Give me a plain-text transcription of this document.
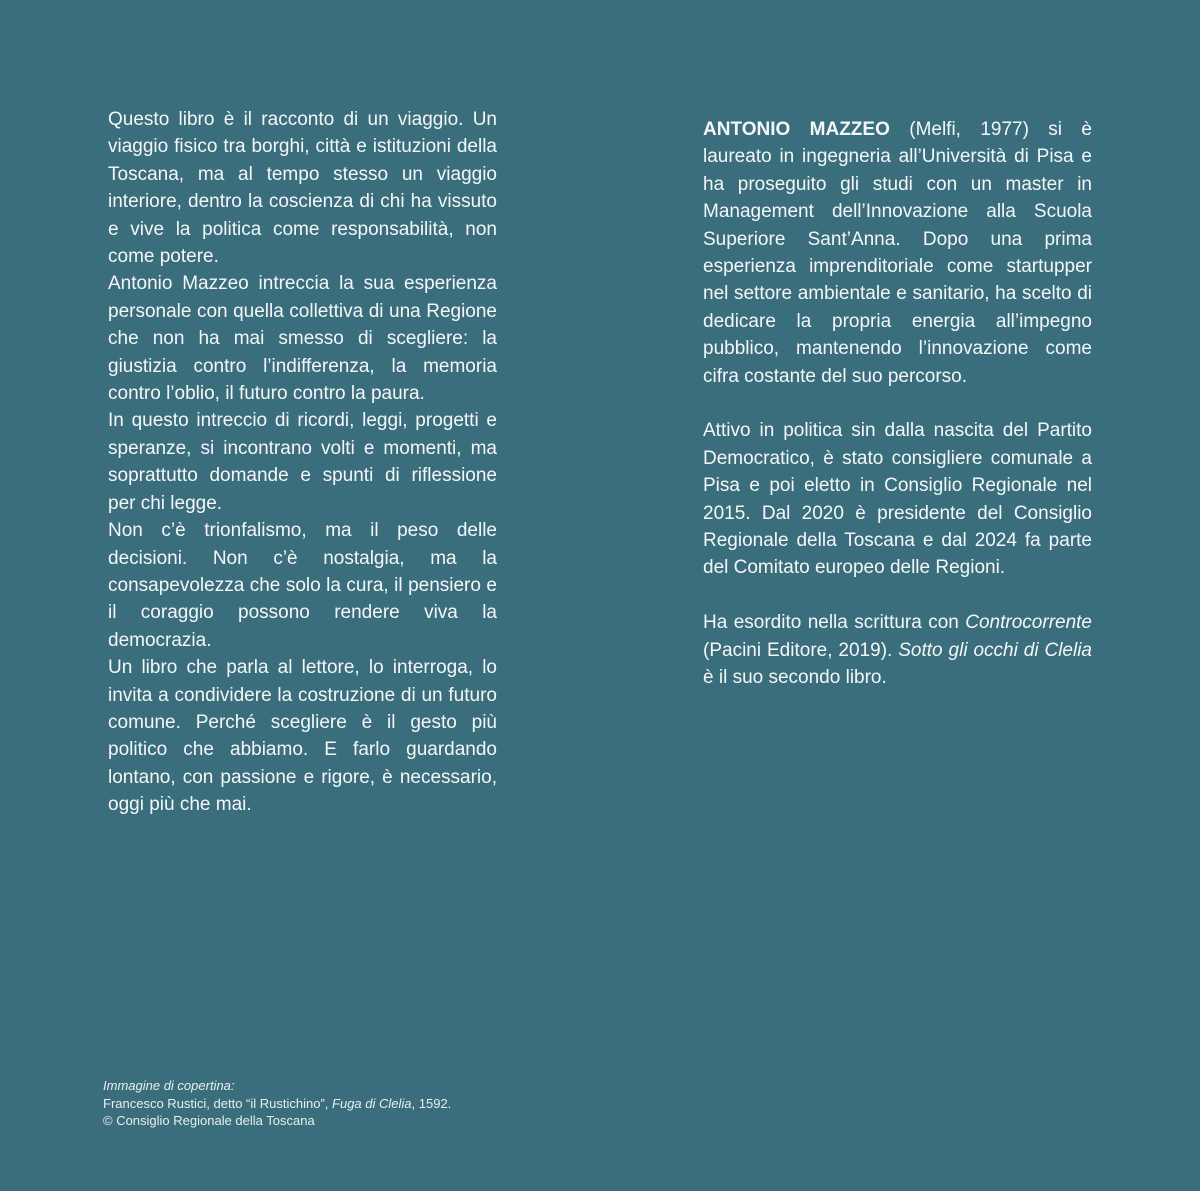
Questo libro è il racconto di un viaggio. Un viaggio fisico tra borghi, città e istituzioni della Toscana, ma al tempo stesso un viaggio interiore, dentro la coscienza di chi ha vissuto e vive la politica come responsabilità, non come potere.

Antonio Mazzeo intreccia la sua esperienza personale con quella collettiva di una Regione che non ha mai smesso di scegliere: la giustizia contro l’indifferenza, la memoria contro l’oblio, il futuro contro la paura.

In questo intreccio di ricordi, leggi, progetti e speranze, si incontrano volti e momenti, ma soprattutto domande e spunti di riflessione per chi legge.

Non c’è trionfalismo, ma il peso delle decisioni. Non c’è nostalgia, ma la consapevolezza che solo la cura, il pensiero e il coraggio possono rendere viva la democrazia.

Un libro che parla al lettore, lo interroga, lo invita a condividere la costruzione di un futuro comune. Perché scegliere è il gesto più politico che abbiamo. E farlo guardando lontano, con passione e rigore, è necessario, oggi più che mai.

ANTONIO MAZZEO (Melfi, 1977) si è laureato in ingegneria all’Università di Pisa e ha proseguito gli studi con un master in Management dell’Innovazione alla Scuola Superiore Sant’Anna. Dopo una prima esperienza imprenditoriale come startupper nel settore ambientale e sanitario, ha scelto di dedicare la propria energia all’impegno pubblico, mantenendo l’innovazione come cifra costante del suo percorso.

Attivo in politica sin dalla nascita del Partito Democratico, è stato consigliere comunale a Pisa e poi eletto in Consiglio Regionale nel 2015. Dal 2020 è presidente del Consiglio Regionale della Toscana e dal 2024 fa parte del Comitato europeo delle Regioni.

Ha esordito nella scrittura con Controcorrente (Pacini Editore, 2019). Sotto gli occhi di Clelia è il suo secondo libro.

Immagine di copertina:
Francesco Rustici, detto “il Rustichino”, Fuga di Clelia, 1592.
© Consiglio Regionale della Toscana
